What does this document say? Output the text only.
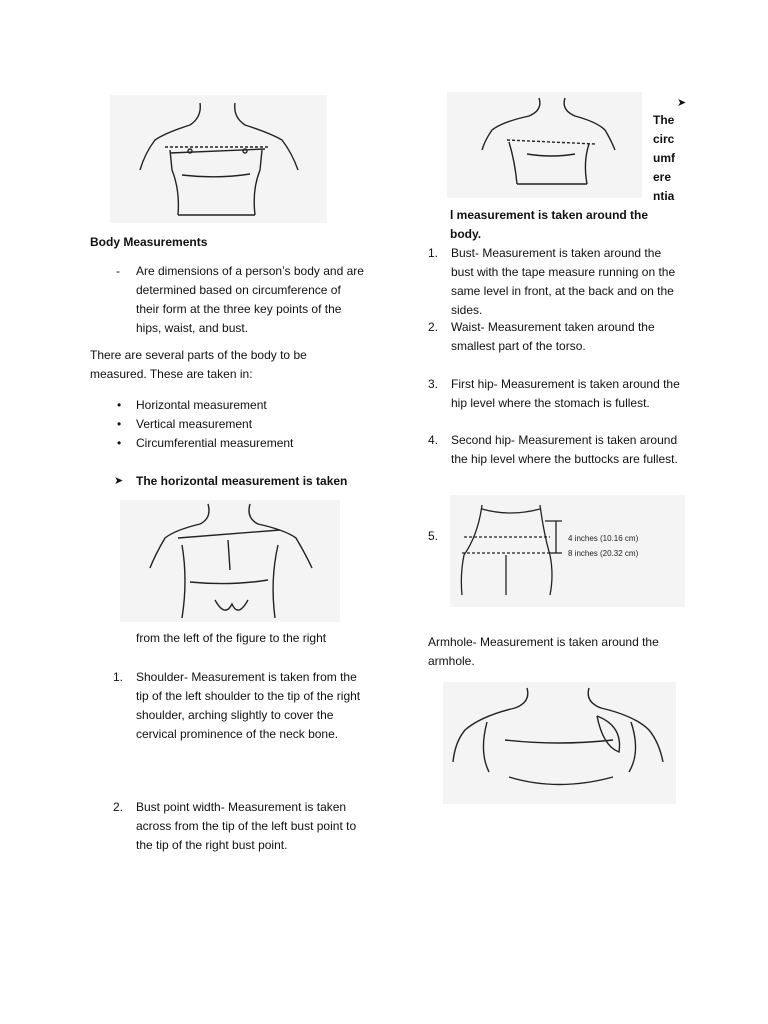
Body Measurements
- Are dimensions of a person’s body and are determined based on circumference of their form at the three key points of the hips, waist, and bust.
There are several parts of the body to be measured. These are taken in:
• Horizontal measurement
• Vertical measurement
• Circumferential measurement
➤ The horizontal measurement is taken
from the left of the figure to the right
1. Shoulder- Measurement is taken from the tip of the left shoulder to the tip of the right shoulder, arching slightly to cover the cervical prominence of the neck bone.
2. Bust point width- Measurement is taken across from the tip of the left bust point to the tip of the right bust point.
➤
The
circ
umf
ere
ntia
l measurement is taken around the body.
1. Bust- Measurement is taken around the bust with the tape measure running on the same level in front, at the back and on the sides.
2. Waist- Measurement taken around the smallest part of the torso.
3. First hip- Measurement is taken around the hip level where the stomach is fullest.
4. Second hip- Measurement is taken around the hip level where the buttocks are fullest.
5.	4 inches (10.16 cm)
8 inches (20.32 cm)
Armhole- Measurement is taken around the armhole.
